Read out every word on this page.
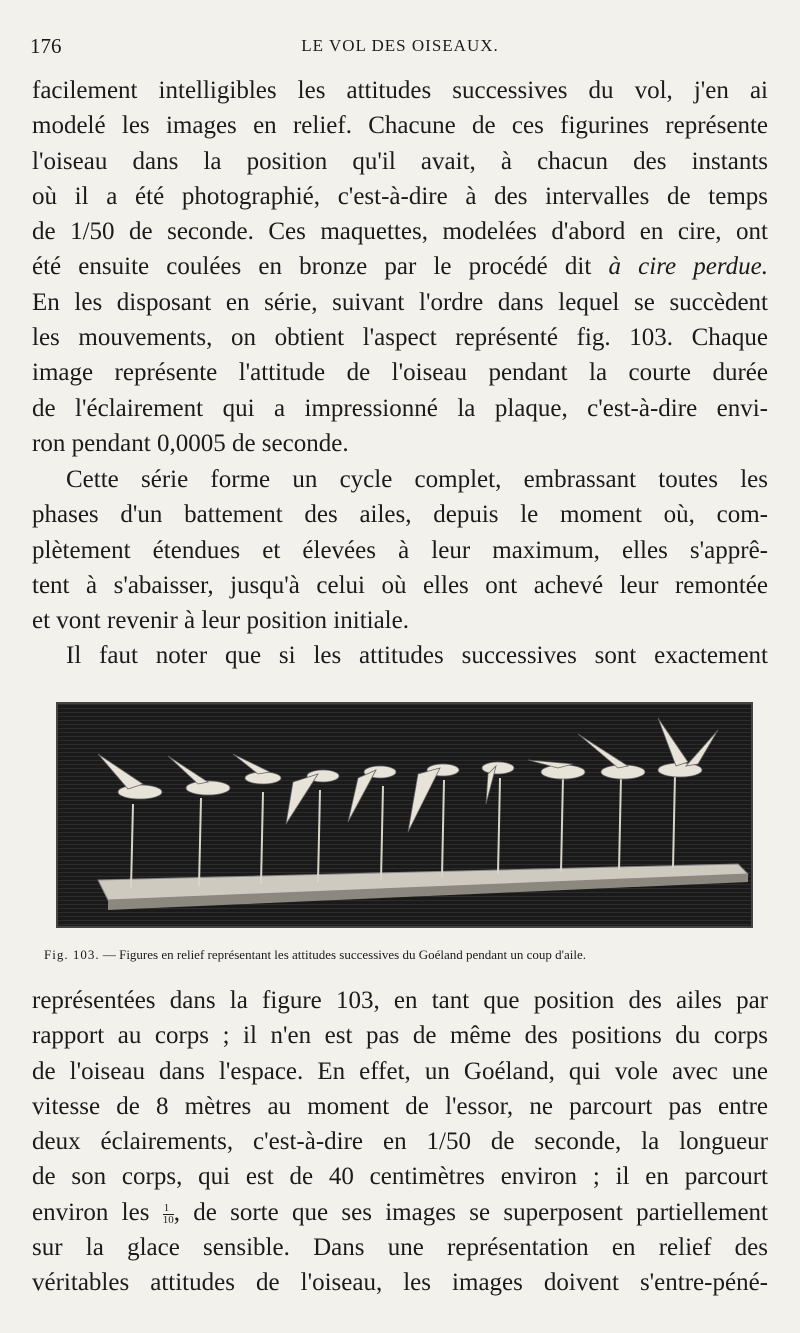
176	LE VOL DES OISEAUX.
facilement intelligibles les attitudes successives du vol, j'en ai
modelé les images en relief. Chacune de ces figurines représente
l'oiseau dans la position qu'il avait, à chacun des instants
où il a été photographié, c'est-à-dire à des intervalles de temps
de 1/50 de seconde. Ces maquettes, modelées d'abord en cire, ont
été ensuite coulées en bronze par le procédé dit à cire perdue.
En les disposant en série, suivant l'ordre dans lequel se succèdent
les mouvements, on obtient l'aspect représenté fig. 103. Chaque
image représente l'attitude de l'oiseau pendant la courte durée
de l'éclairement qui a impressionné la plaque, c'est-à-dire envi-
ron pendant 0,0005 de seconde.
Cette série forme un cycle complet, embrassant toutes les
phases d'un battement des ailes, depuis le moment où, com-
plètement étendues et élevées à leur maximum, elles s'apprê-
tent à s'abaisser, jusqu'à celui où elles ont achevé leur remontée
et vont revenir à leur position initiale.
Il faut noter que si les attitudes successives sont exactement
Fig. 103. — Figures en relief représentant les attitudes successives du Goéland pendant un coup d'aile.
représentées dans la figure 103, en tant que position des ailes par
rapport au corps ; il n'en est pas de même des positions du corps
de l'oiseau dans l'espace. En effet, un Goéland, qui vole avec une
vitesse de 8 mètres au moment de l'essor, ne parcourt pas entre
deux éclairements, c'est-à-dire en 1/50 de seconde, la longueur
de son corps, qui est de 40 centimètres environ ; il en parcourt
environ les $\frac{1}{10}$ , de sorte que ses images se superposent partiellement
sur la glace sensible. Dans une représentation en relief des
véritables attitudes de l'oiseau, les images doivent s'entre-péné-
